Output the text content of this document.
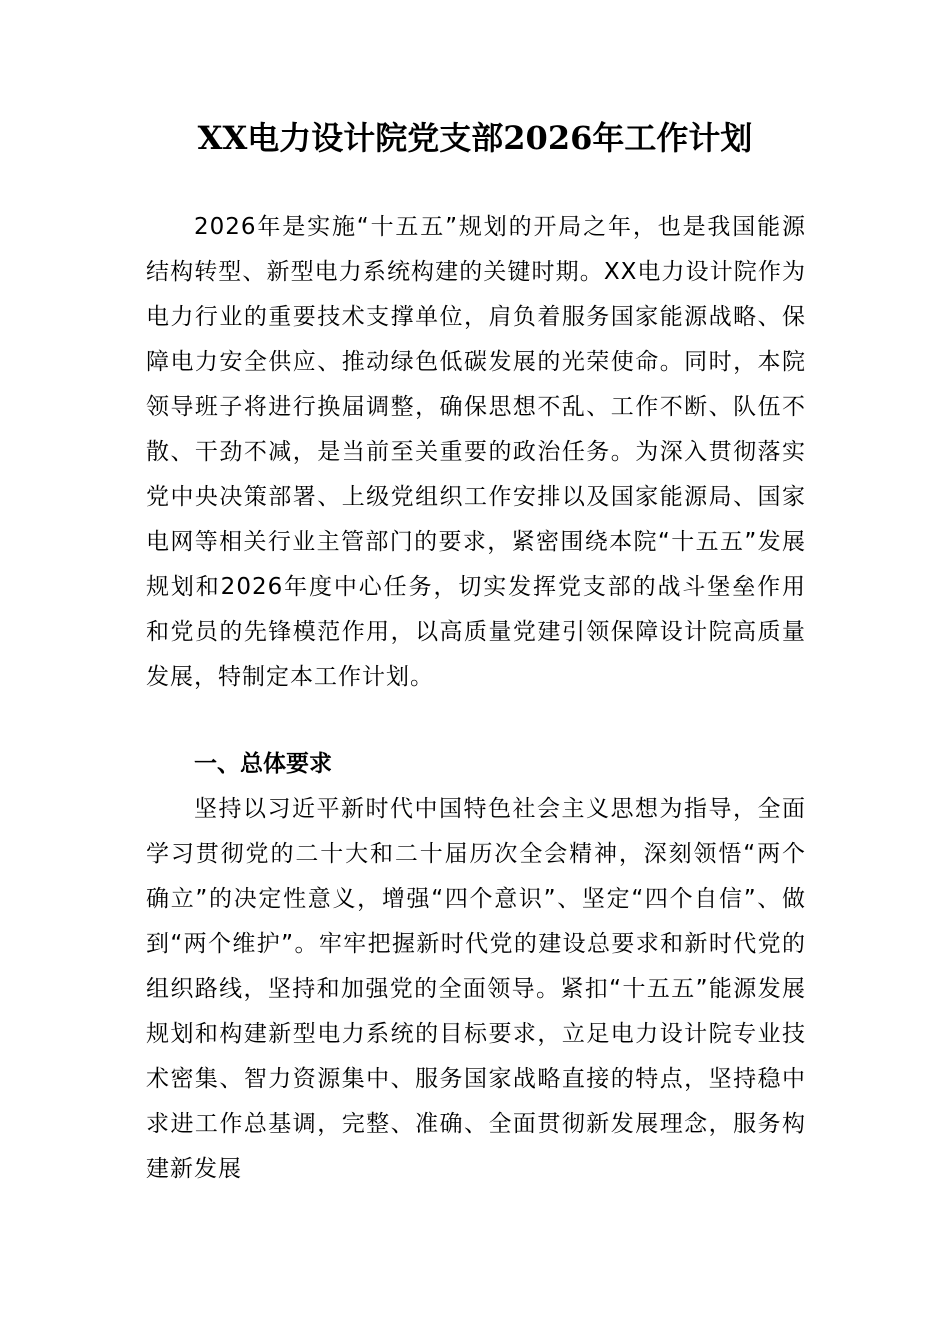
XX电力设计院党支部2026年工作计划

2026年是实施“十五五”规划的开局之年，也是我国能源结构转型、新型电力系统构建的关键时期。XX电力设计院作为电力行业的重要技术支撑单位，肩负着服务国家能源战略、保障电力安全供应、推动绿色低碳发展的光荣使命。同时，本院领导班子将进行换届调整，确保思想不乱、工作不断、队伍不散、干劲不减，是当前至关重要的政治任务。为深入贯彻落实党中央决策部署、上级党组织工作安排以及国家能源局、国家电网等相关行业主管部门的要求，紧密围绕本院“十五五”发展规划和2026年度中心任务，切实发挥党支部的战斗堡垒作用和党员的先锋模范作用，以高质量党建引领保障设计院高质量发展，特制定本工作计划。

一、总体要求

坚持以习近平新时代中国特色社会主义思想为指导，全面学习贯彻党的二十大和二十届历次全会精神，深刻领悟“两个确立”的决定性意义，增强“四个意识”、坚定“四个自信”、做到“两个维护”。牢牢把握新时代党的建设总要求和新时代党的组织路线，坚持和加强党的全面领导。紧扣“十五五”能源发展规划和构建新型电力系统的目标要求，立足电力设计院专业技术密集、智力资源集中、服务国家战略直接的特点，坚持稳中求进工作总基调，完整、准确、全面贯彻新发展理念，服务构建新发展
